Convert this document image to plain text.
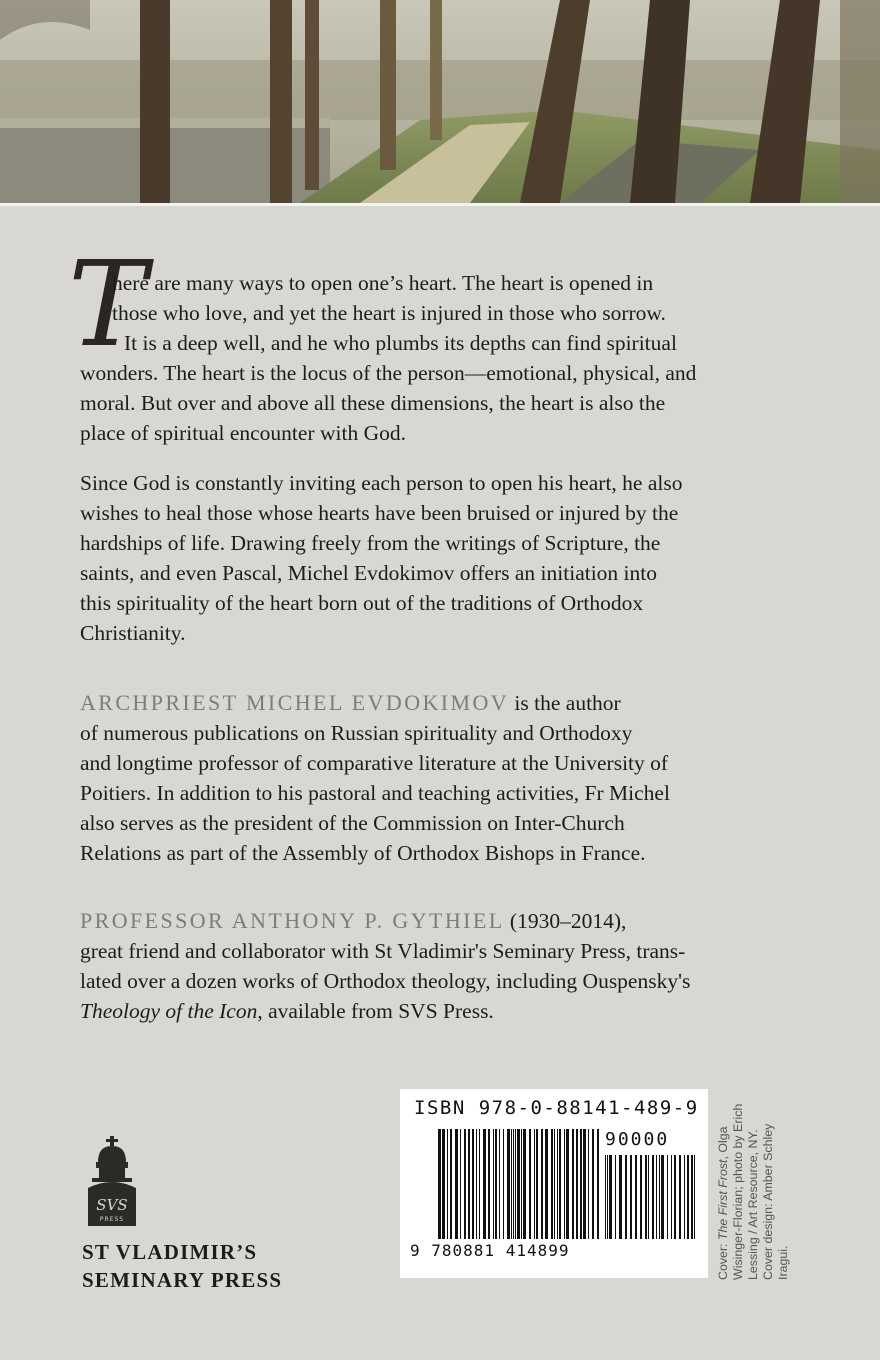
T

here are many ways to open one’s heart. The heart is opened in
those who love, and yet the heart is injured in those who sorrow.
It is a deep well, and he who plumbs its depths can find spiritual

wonders. The heart is the locus of the person—emotional, physical, and
moral. But over and above all these dimensions, the heart is also the
place of spiritual encounter with God.

Since God is constantly inviting each person to open his heart, he also
wishes to heal those whose hearts have been bruised or injured by the
hardships of life. Drawing freely from the writings of Scripture, the
saints, and even Pascal, Michel Evdokimov offers an initiation into
this spirituality of the heart born out of the traditions of Orthodox
Christianity.

ARCHPRIEST MICHEL EVDOKIMOV is the author
of numerous publications on Russian spirituality and Orthodoxy
and longtime professor of comparative literature at the University of
Poitiers. In addition to his pastoral and teaching activities, Fr Michel
also serves as the president of the Commission on Inter-Church
Relations as part of the Assembly of Orthodox Bishops in France.

PROFESSOR ANTHONY P. GYTHIEL (1930–2014),
great friend and collaborator with St Vladimir's Seminary Press, trans-
lated over a dozen works of Orthodox theology, including Ouspensky's
Theology of the Icon, available from SVS Press.

SVS
PRESS
ST VLADIMIR’S
SEMINARY PRESS
ISBN 978-0-88141-489-9
90000
9 780881 414899	Cover: The First Frost, Olga Wisinger-Florian; photo by Erich Lessing / Art Resource, NY. Cover design: Amber Schley Iragui.
